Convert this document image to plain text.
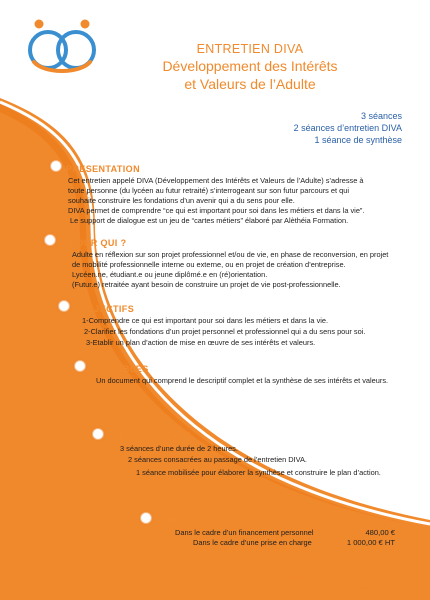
ENTRETIEN DIVA
Développement des Intérêts
et Valeurs de l’Adulte
3 séances
2 séances d’entretien DIVA
1 séance de synthèse
PRESENTATION
Cet entretien appelé DIVA (Développement des Intérêts et Valeurs de l’Adulte) s’adresse à
toute personne (du lycéen au futur retraité) s’interrogeant sur son futur parcours et qui
souhaite construire les fondations d’un avenir qui a du sens pour elle.
DIVA permet de comprendre “ce qui est important pour soi dans les métiers et dans la vie”.
Le support de dialogue est un jeu de “cartes métiers” élaboré par Alèthéia Formation.
POUR QUI ?
Adulte en réflexion sur son projet professionnel et/ou de vie, en phase de reconversion, en projet
de mobilité professionnelle interne ou externe, ou en projet de création d’entreprise.
Lycéen.ne, étudiant.e ou jeune diplômé.e en (ré)orientation.
(Futur.e) retraitée ayant besoin de construire un projet de vie post-professionnelle.
OBJECTIFS
1-Comprendre ce qui est important pour soi dans les métiers et dans la vie.
2-Clarifier les fondations d’un projet personnel et professionnel qui a du sens pour soi.
3-Etablir un plan d’action de mise en œuvre de ses intérêts et valeurs.
LIVRABLES
Un document qui comprend le descriptif complet et la synthèse de ses intérêts et valeurs.
MÉTHODOLOGIE
3 séances d’une durée de 2 heures.
2 séances consacrées au passage de l’entretien DIVA.
1 séance mobilisée pour élaborer la synthèse et construire le plan d’action.
TARIFS
Dans le cadre d’un financement personnel
Dans le cadre d’une prise en charge
480,00 €
1 000,00 € HT
Julien RUET Coach professionnel certifié / Praticien DIVA
Tél : 06.88.47.36.05	julien.coach.neuro@gmail.com
